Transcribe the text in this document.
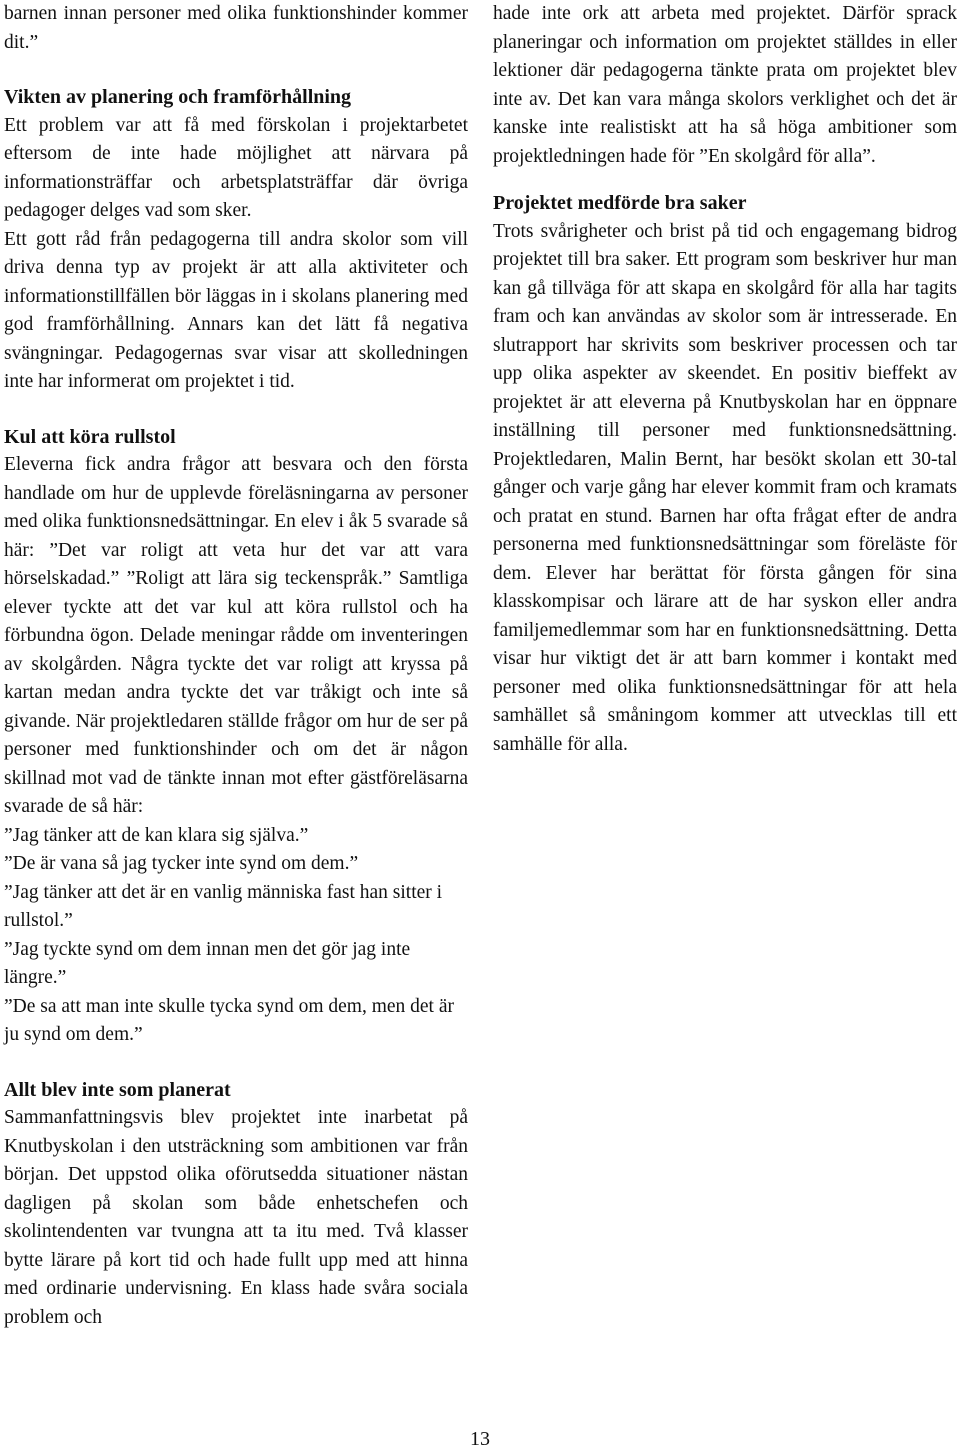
barnen innan personer med olika funktionshinder kommer dit.”

Vikten av planering och framförhållning

Ett problem var att få med förskolan i projektarbetet eftersom de inte hade möjlighet att närvara på informationsträffar och arbetsplatsträffar där övriga pedagoger delges vad som sker.

Ett gott råd från pedagogerna till andra skolor som vill driva denna typ av projekt är att alla aktiviteter och informationstillfällen bör läggas in i skolans planering med god framförhållning. Annars kan det lätt få negativa svängningar. Pedagogernas svar visar att skolledningen inte har informerat om projektet i tid.

Kul att köra rullstol

Eleverna fick andra frågor att besvara och den första handlade om hur de upplevde föreläsningarna av personer med olika funktionsnedsättningar. En elev i åk 5 svarade så här: ”Det var roligt att veta hur det var att vara hörselskadad.” ”Roligt att lära sig teckenspråk.” Samtliga elever tyckte att det var kul att köra rullstol och ha förbundna ögon. Delade meningar rådde om inventeringen av skolgården. Några tyckte det var roligt att kryssa på kartan medan andra tyckte det var tråkigt och inte så givande. När projektledaren ställde frågor om hur de ser på personer med funktionshinder och om det är någon skillnad mot vad de tänkte innan mot efter gästföreläsarna svarade de så här:

”Jag tänker att de kan klara sig själva.”

”De är vana så jag tycker inte synd om dem.”

”Jag tänker att det är en vanlig människa fast han sitter i rullstol.”

”Jag tyckte synd om dem innan men det gör jag inte längre.”

”De sa att man inte skulle tycka synd om dem, men det är ju synd om dem.”

Allt blev inte som planerat

Sammanfattningsvis blev projektet inte inarbetat på Knutbyskolan i den utsträckning som ambitionen var från början. Det uppstod olika oförutsedda situationer nästan dagligen på skolan som både enhetschefen och skolintendenten var tvungna att ta itu med. Två klasser bytte lärare på kort tid och hade fullt upp med att hinna med ordinarie undervisning. En klass hade svåra sociala problem och

hade inte ork att arbeta med projektet. Därför sprack planeringar och information om projektet ställdes in eller lektioner där pedagogerna tänkte prata om projektet blev inte av. Det kan vara många skolors verklighet och det är kanske inte realistiskt att ha så höga ambitioner som projektledningen hade för ”En skolgård för alla”.

Projektet medförde bra saker

Trots svårigheter och brist på tid och engagemang bidrog projektet till bra saker. Ett program som beskriver hur man kan gå tillväga för att skapa en skolgård för alla har tagits fram och kan användas av skolor som är intresserade. En slutrapport har skrivits som beskriver processen och tar upp olika aspekter av skeendet. En positiv bieffekt av projektet är att eleverna på Knutbyskolan har en öppnare inställning till personer med funktionsnedsättning. Projektledaren, Malin Bernt, har besökt skolan ett 30-tal gånger och varje gång har elever kommit fram och kramats och pratat en stund. Barnen har ofta frågat efter de andra personerna med funktionsnedsättningar som föreläste för dem. Elever har berättat för första gången för sina klasskompisar och lärare att de har syskon eller andra familjemedlemmar som har en funktionsnedsättning. Detta visar hur viktigt det är att barn kommer i kontakt med personer med olika funktionsnedsättningar för att hela samhället så småningom kommer att utvecklas till ett samhälle för alla.

13
